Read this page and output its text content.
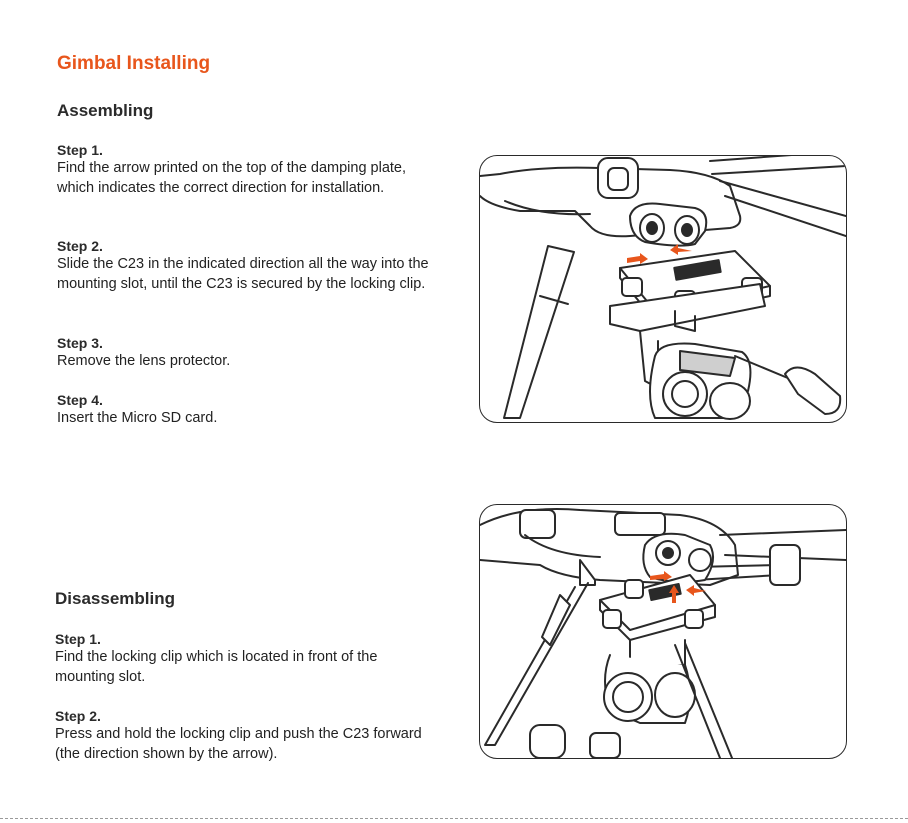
Gimbal Installing
Assembling
Step 1.
Find the arrow printed on the top of the damping plate, which indicates the correct direction for installation.
Step 2.
Slide the C23 in the indicated direction all the way into the mounting slot, until the C23 is secured by the locking clip.
Step 3.
Remove the lens protector.
Step 4.
Insert the Micro SD card.
Disassembling
Step 1.
Find the locking clip which is located in front of the mounting slot.
Step 2.
Press and hold the locking clip and push the C23 forward (the direction shown by the arrow).
